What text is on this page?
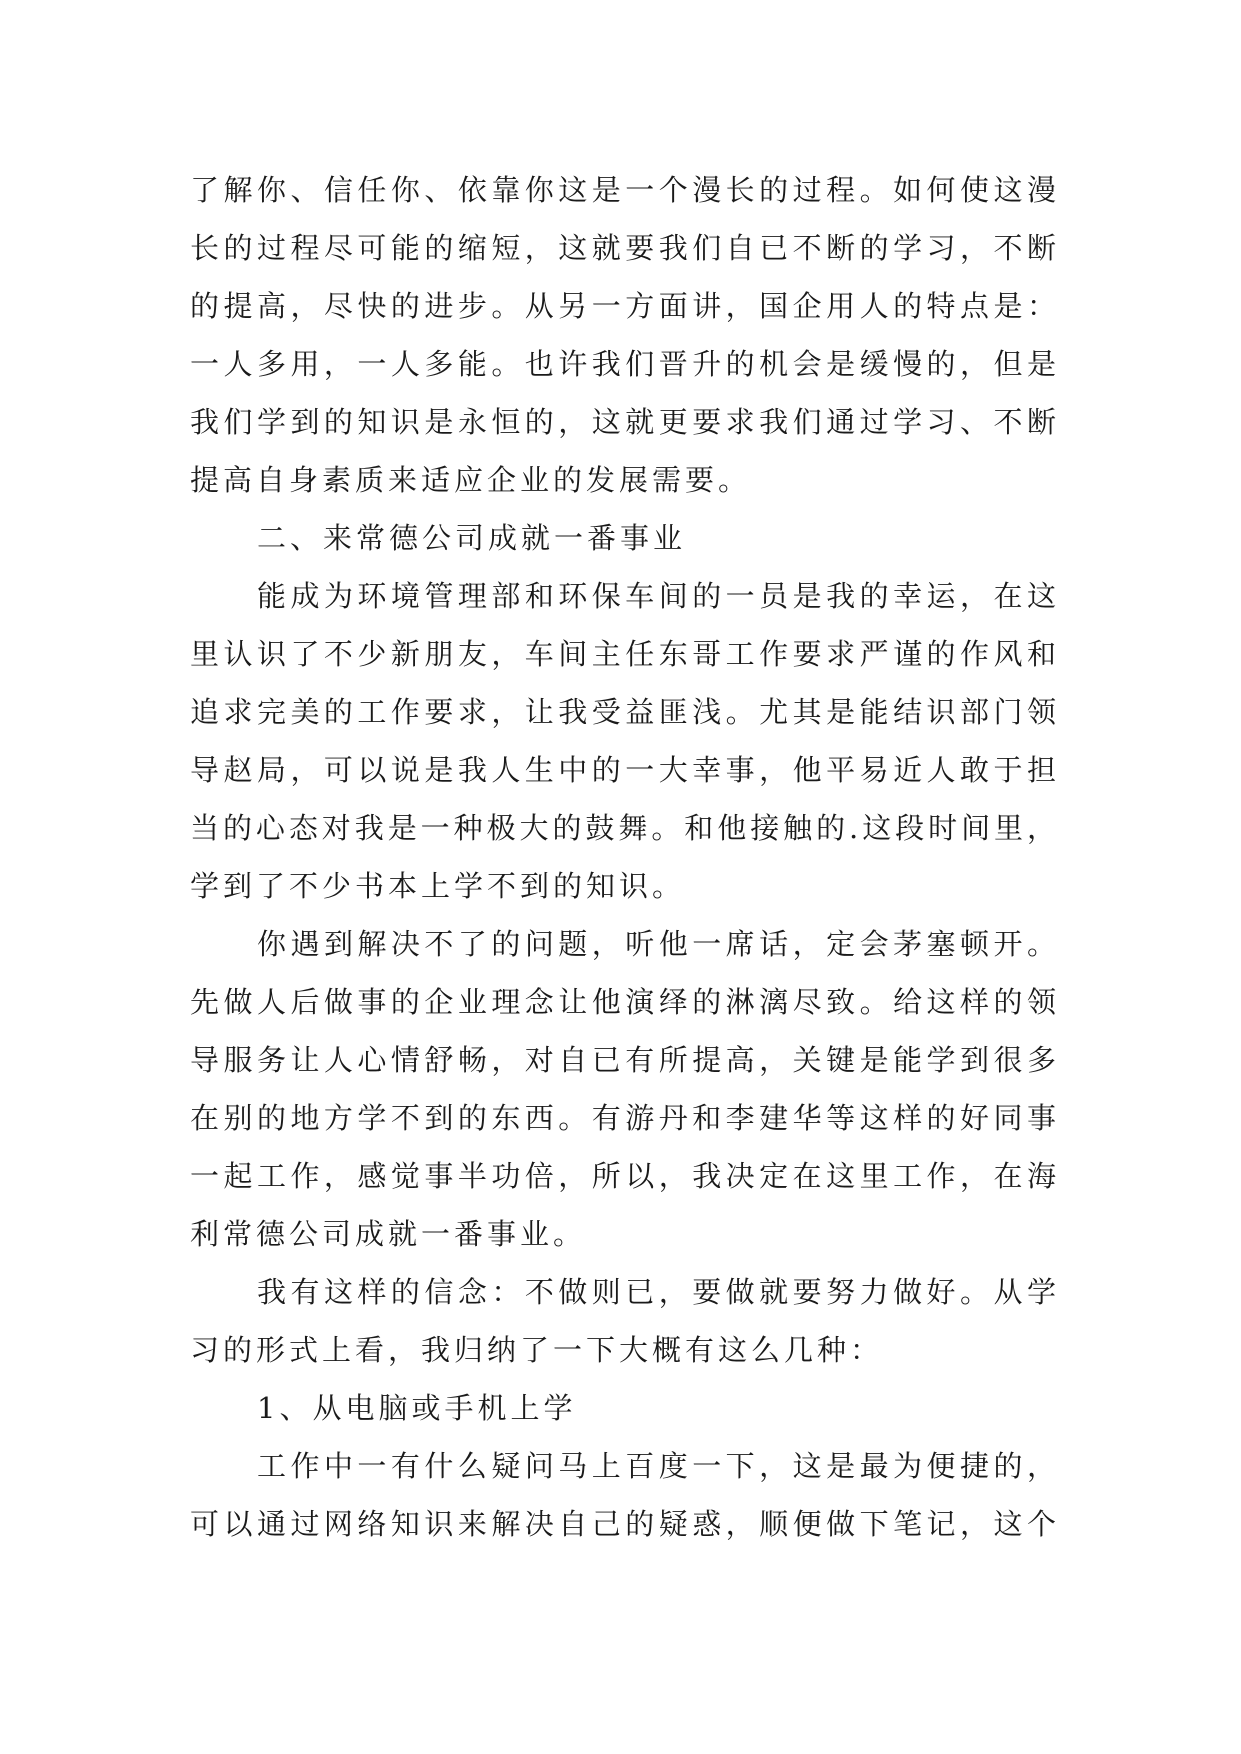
了解你、信任你、依靠你这是一个漫长的过程。如何使这漫
长的过程尽可能的缩短，这就要我们自已不断的学习，不断
的提高，尽快的进步。从另一方面讲，国企用人的特点是：
一人多用，一人多能。也许我们晋升的机会是缓慢的，但是
我们学到的知识是永恒的，这就更要求我们通过学习、不断
提高自身素质来适应企业的发展需要。
二、来常德公司成就一番事业
能成为环境管理部和环保车间的一员是我的幸运，在这
里认识了不少新朋友，车间主任东哥工作要求严谨的作风和
追求完美的工作要求，让我受益匪浅。尤其是能结识部门领
导赵局，可以说是我人生中的一大幸事，他平易近人敢于担
当的心态对我是一种极大的鼓舞。和他接触的.这段时间里，
学到了不少书本上学不到的知识。
你遇到解决不了的问题，听他一席话，定会茅塞顿开。
先做人后做事的企业理念让他演绎的淋漓尽致。给这样的领
导服务让人心情舒畅，对自已有所提高，关键是能学到很多
在别的地方学不到的东西。有游丹和李建华等这样的好同事
一起工作，感觉事半功倍，所以，我决定在这里工作，在海
利常德公司成就一番事业。
我有这样的信念：不做则已，要做就要努力做好。从学
习的形式上看，我归纳了一下大概有这么几种：
1、从电脑或手机上学
工作中一有什么疑问马上百度一下，这是最为便捷的，
可以通过网络知识来解决自己的疑惑，顺便做下笔记，这个
